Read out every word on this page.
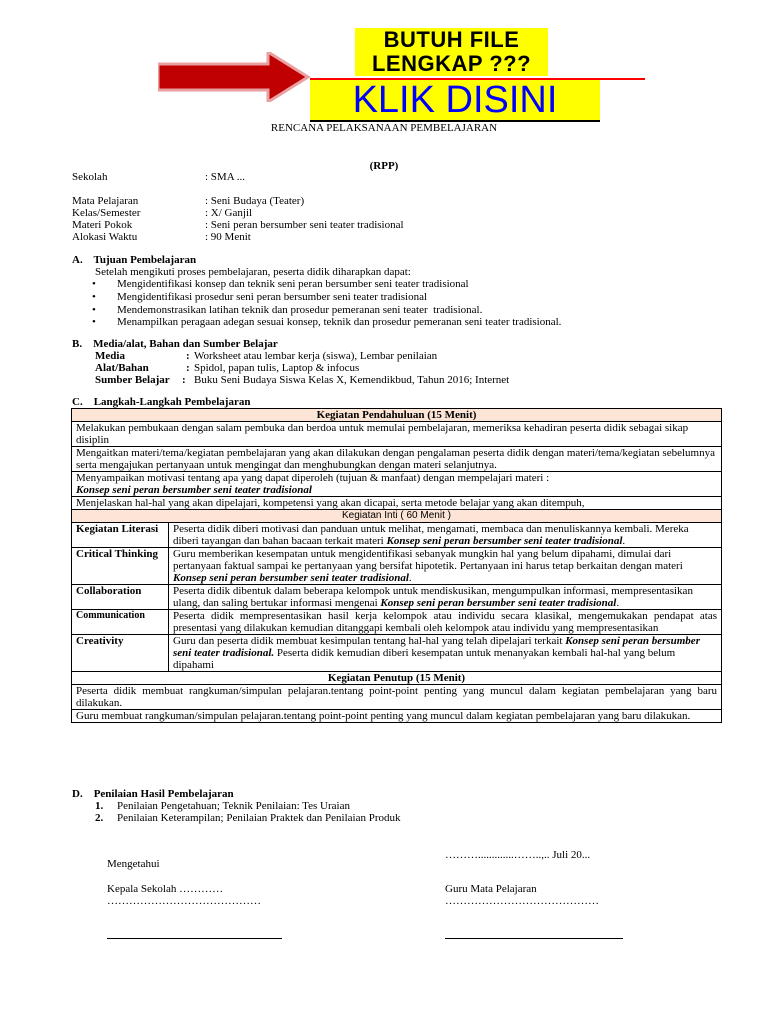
BUTUH FILE
LENGKAP ???
KLIK DISINI
RENCANA PELAKSANAAN PEMBELAJARAN
(RPP)
Sekolah	: SMA ...
Mata Pelajaran	: Seni Budaya (Teater)
Kelas/Semester	: X/ Ganjil
Materi Pokok	: Seni peran bersumber seni teater tradisional
Alokasi Waktu	: 90 Menit
A.    Tujuan Pembelajaran
Setelah mengikuti proses pembelajaran, peserta didik diharapkan dapat:
• Mengidentifikasi konsep dan teknik seni peran bersumber seni teater tradisional
• Mengidentifikasi prosedur seni peran bersumber seni teater tradisional
• Mendemonstrasikan latihan teknik dan prosedur pemeranan seni teater  tradisional.
• Menampilkan peragaan adegan sesuai konsep, teknik dan prosedur pemeranan seni teater tradisional.
B.    Media/alat, Bahan dan Sumber Belajar
Media	: Worksheet atau lembar kerja (siswa), Lembar penilaian
Alat/Bahan	: Spidol, papan tulis, Laptop & infocus
Sumber Belajar : Buku Seni Budaya Siswa Kelas X, Kemendikbud, Tahun 2016; Internet
C.    Langkah-Langkah Pembelajaran
Kegiatan Pendahuluan (15 Menit)	
Melakukan pembukaan dengan salam pembuka dan berdoa untuk memulai pembelajaran, memeriksa kehadiran peserta didik sebagai sikap disiplin	
Mengaitkan materi/tema/kegiatan pembelajaran yang akan dilakukan dengan pengalaman peserta didik dengan materi/tema/kegiatan sebelumnya serta mengajukan pertanyaan untuk mengingat dan menghubungkan dengan materi selanjutnya.	
Menyampaikan motivasi tentang apa yang dapat diperoleh (tujuan & manfaat) dengan mempelajari materi :
Konsep seni peran bersumber seni teater tradisional	
Menjelaskan hal-hal yang akan dipelajari, kompetensi yang akan dicapai, serta metode belajar yang akan ditempuh,	
Kegiatan Inti ( 60 Menit )	
Kegiatan Literasi	Peserta didik diberi motivasi dan panduan untuk melihat, mengamati, membaca dan menuliskannya kembali. Mereka diberi tayangan dan bahan bacaan terkait materi Konsep seni peran bersumber seni teater tradisional.
Critical Thinking	Guru memberikan kesempatan untuk mengidentifikasi sebanyak mungkin hal yang belum dipahami, dimulai dari pertanyaan faktual sampai ke pertanyaan yang bersifat hipotetik. Pertanyaan ini harus tetap berkaitan dengan materi Konsep seni peran bersumber seni teater tradisional.
Collaboration	Peserta didik dibentuk dalam beberapa kelompok untuk mendiskusikan, mengumpulkan informasi, mempresentasikan ulang, dan saling bertukar informasi mengenai Konsep seni peran bersumber seni teater tradisional.
Communication	Peserta didik mempresentasikan hasil kerja kelompok atau individu secara klasikal, mengemukakan pendapat atas presentasi yang dilakukan kemudian ditanggapi kembali oleh kelompok atau individu yang mempresentasikan
Creativity	Guru dan peserta didik membuat kesimpulan tentang hal-hal yang telah dipelajari terkait Konsep seni peran bersumber seni teater tradisional. Peserta didik kemudian diberi kesempatan untuk menanyakan kembali hal-hal yang belum dipahami
Kegiatan Penutup (15 Menit)	
Peserta didik membuat rangkuman/simpulan pelajaran.tentang point-point penting yang muncul dalam kegiatan pembelajaran yang baru dilakukan.	
Guru membuat rangkuman/simpulan pelajaran.tentang point-point penting yang muncul dalam kegiatan pembelajaran yang baru dilakukan.	
D.    Penilaian Hasil Pembelajaran
1. Penilaian Pengetahuan; Teknik Penilaian: Tes Uraian
2. Penilaian Keterampilan; Penilaian Praktek dan Penilaian Produk
……….............……..,.. Juli 20...
Mengetahui
Kepala Sekolah …………
……………………………………
Guru Mata Pelajaran
……………………………………
